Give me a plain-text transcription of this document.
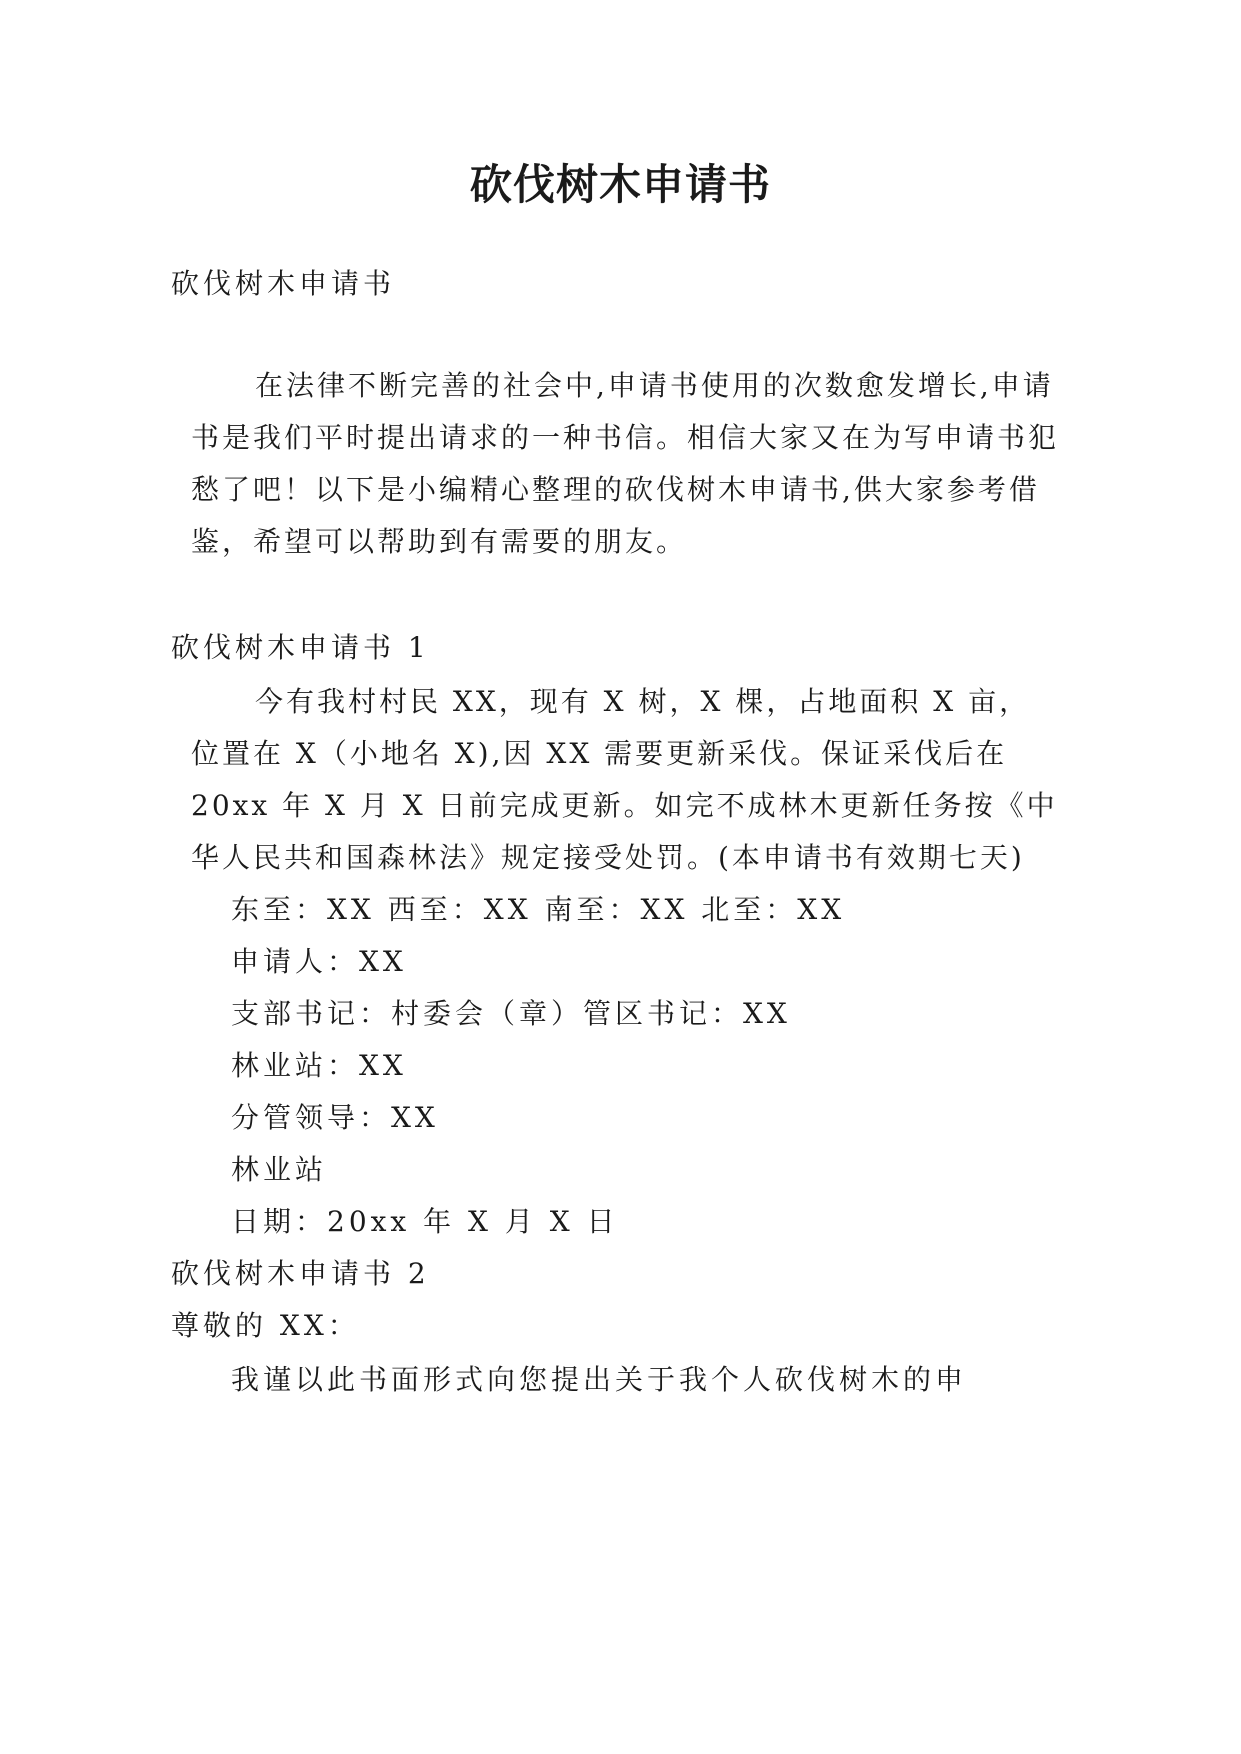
砍伐树木申请书
砍伐树木申请书
在法律不断完善的社会中,申请书使用的次数愈发增长,申请书是我们平时提出请求的一种书信。相信大家又在为写申请书犯愁了吧！以下是小编精心整理的砍伐树木申请书,供大家参考借鉴，希望可以帮助到有需要的朋友。
砍伐树木申请书 1
今有我村村民 XX，现有 X 树，X 棵，占地面积 X 亩，位置在 X（小地名 X),因 XX 需要更新采伐。保证采伐后在 20xx 年 X 月 X 日前完成更新。如完不成林木更新任务按《中华人民共和国森林法》规定接受处罚。(本申请书有效期七天)
东至：XX 西至：XX 南至：XX 北至：XX
申请人：XX
支部书记：村委会（章）管区书记：XX
林业站：XX
分管领导：XX
林业站
日期：20xx 年 X 月 X 日
砍伐树木申请书 2
尊敬的 XX：
我谨以此书面形式向您提出关于我个人砍伐树木的申
